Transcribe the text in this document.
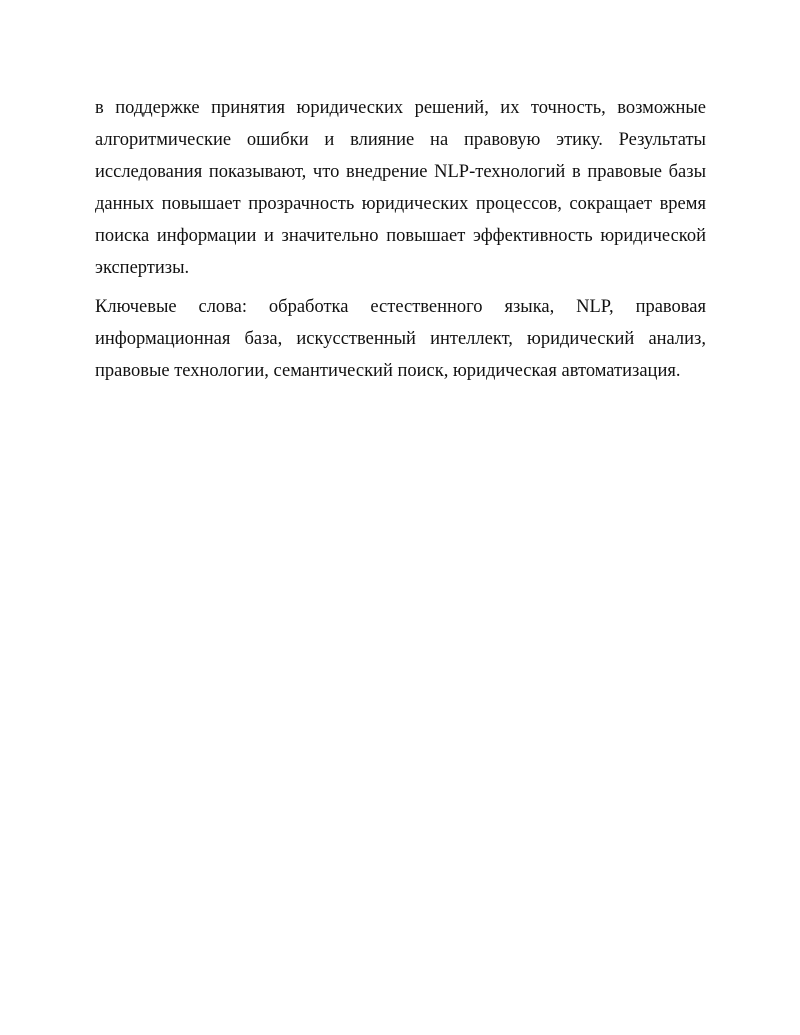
в поддержке принятия юридических решений, их точность, возможные
алгоритмические ошибки и влияние на правовую этику. Результаты
исследования показывают, что внедрение NLP-технологий в правовые базы
данных повышает прозрачность юридических процессов, сокращает время
поиска информации и значительно повышает эффективность юридической
экспертизы.

Ключевые слова: обработка естественного языка, NLP, правовая
информационная база, искусственный интеллект, юридический анализ,
правовые технологии, семантический поиск, юридическая автоматизация.
